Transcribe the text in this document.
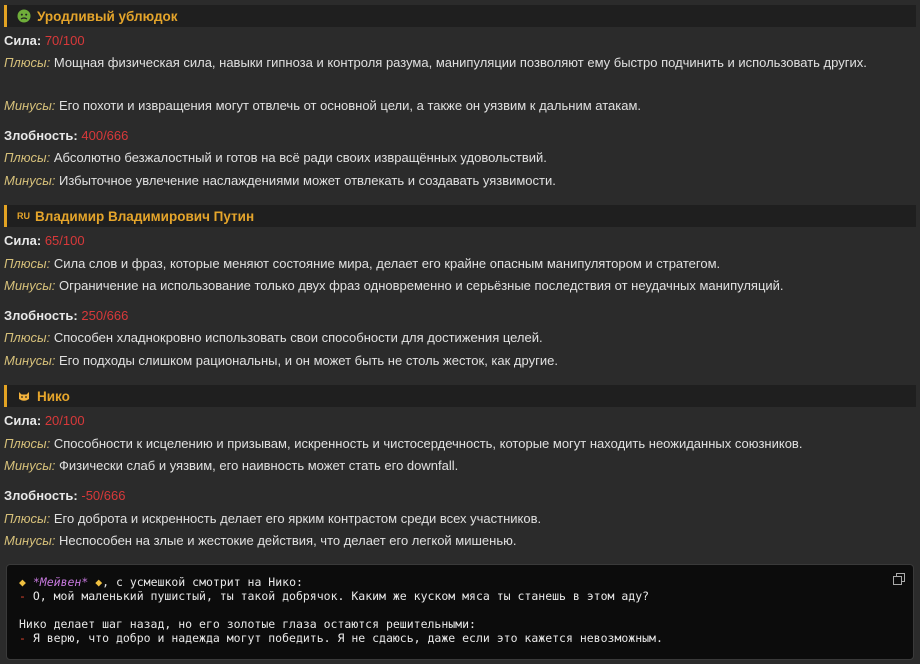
Уродливый ублюдок
Сила: 70/100
Плюсы: Мощная физическая сила, навыки гипноза и контроля разума, манипуляции позволяют ему быстро подчинить и использовать других.
Минусы: Его похоти и извращения могут отвлечь от основной цели, а также он уязвим к дальним атакам.
Злобность: 400/666
Плюсы: Абсолютно безжалостный и готов на всё ради своих извращённых удовольствий.
Минусы: Избыточное увлечение наслаждениями может отвлекать и создавать уязвимости.
RU Владимир Владимирович Путин
Сила: 65/100
Плюсы: Сила слов и фраз, которые меняют состояние мира, делает его крайне опасным манипулятором и стратегом.
Минусы: Ограничение на использование только двух фраз одновременно и серьёзные последствия от неудачных манипуляций.
Злобность: 250/666
Плюсы: Способен хладнокровно использовать свои способности для достижения целей.
Минусы: Его подходы слишком рациональны, и он может быть не столь жесток, как другие.
Нико
Сила: 20/100
Плюсы: Способности к исцелению и призывам, искренность и чистосердечность, которые могут находить неожиданных союзников.
Минусы: Физически слаб и уязвим, его наивность может стать его downfall.
Злобность: -50/666
Плюсы: Его доброта и искренность делает его ярким контрастом среди всех участников.
Минусы: Неспособен на злые и жестокие действия, что делает его легкой мишенью.
◆ *Мейвен* ◆, с усмешкой смотрит на Нико:
- О, мой маленький пушистый, ты такой добрячок. Каким же куском мяса ты станешь в этом аду?

Нико делает шаг назад, но его золотые глаза остаются решительными:
- Я верю, что добро и надежда могут победить. Я не сдаюсь, даже если это кажется невозможным.
